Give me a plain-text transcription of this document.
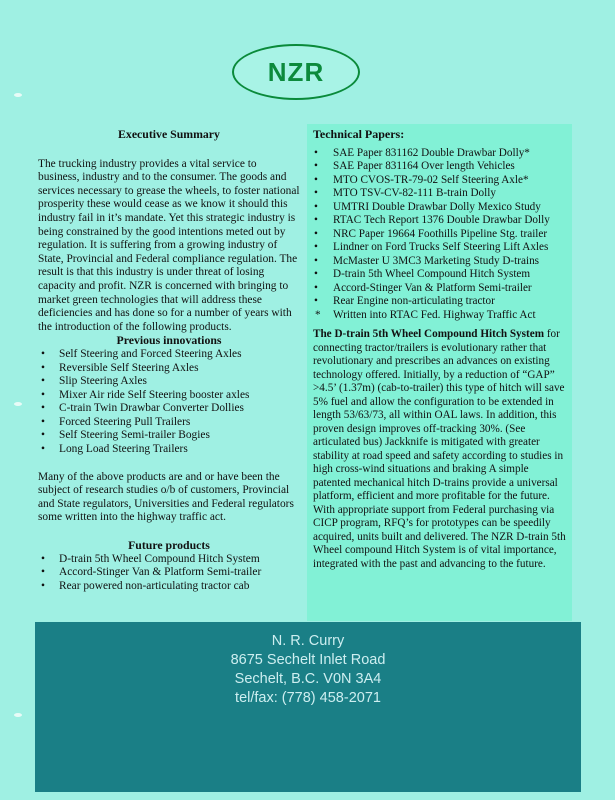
NZR
Executive Summary

The trucking industry provides a vital service to business, industry and to the consumer. The goods and services necessary to grease the wheels, to foster national prosperity these would cease as we know it should this industry fail in it’s mandate. Yet this strategic industry is being constrained by the good intentions meted out by regulation. It is suffering from a growing industry of State, Provincial and Federal compliance regulation. The result is that this industry is under threat of losing capacity and profit. NZR is concerned with bringing to market green technologies that will address these deficiencies and has done so for a number of years with the introduction of the following products.

Previous innovations
• Self Steering and Forced Steering Axles
• Reversible Self Steering Axles
• Slip Steering Axles
• Mixer Air ride Self Steering booster axles
• C-train Twin Drawbar Converter Dollies
• Forced Steering Pull Trailers
• Self Steering Semi-trailer Bogies
• Long Load Steering Trailers

Many of the above products are and or have been the subject of research studies o/b of customers, Provincial and State regulators, Universities and Federal regulators some written into the highway traffic act.

Future products
• D-train 5th Wheel Compound Hitch System
• Accord-Stinger Van & Platform Semi-trailer
• Rear powered non-articulating tractor cab
Technical Papers:
• SAE Paper 831162 Double Drawbar Dolly*
• SAE Paper 831164 Over length Vehicles
• MTO CVOS-TR-79-02 Self Steering Axle*
• MTO TSV-CV-82-111 B-train Dolly
• UMTRI Double Drawbar Dolly Mexico Study
• RTAC Tech Report 1376 Double Drawbar Dolly
• NRC Paper 19664 Foothills Pipeline Stg. trailer
• Lindner on Ford Trucks Self Steering Lift Axles
• McMaster U 3MC3 Marketing Study D-trains
• D-train 5th Wheel Compound Hitch System
• Accord-Stinger Van & Platform Semi-trailer
• Rear Engine non-articulating tractor
* Written into RTAC Fed. Highway Traffic Act

The D-train 5th Wheel Compound Hitch System for connecting tractor/trailers is evolutionary rather that revolutionary and prescribes an advances on existing technology offered. Initially, by a reduction of “GAP” >4.5’ (1.37m) (cab-to-trailer) this type of hitch will save 5% fuel and allow the configuration to be extended in length 53/63/73, all within OAL laws. In addition, this proven design improves off-tracking 30%. (See articulated bus) Jackknife is mitigated with greater stability at road speed and safety according to studies in high cross-wind situations and braking A simple patented mechanical hitch D-trains provide a universal platform, efficient and more profitable for the future. With appropriate support from Federal purchasing via CICP program, RFQ’s for prototypes can be speedily acquired, units built and delivered. The NZR D-train 5th Wheel compound Hitch System is of vital importance, integrated with the past and advancing to the future.

N. R. Curry
8675 Sechelt Inlet Road
Sechelt, B.C. V0N 3A4
tel/fax: (778) 458-2071
